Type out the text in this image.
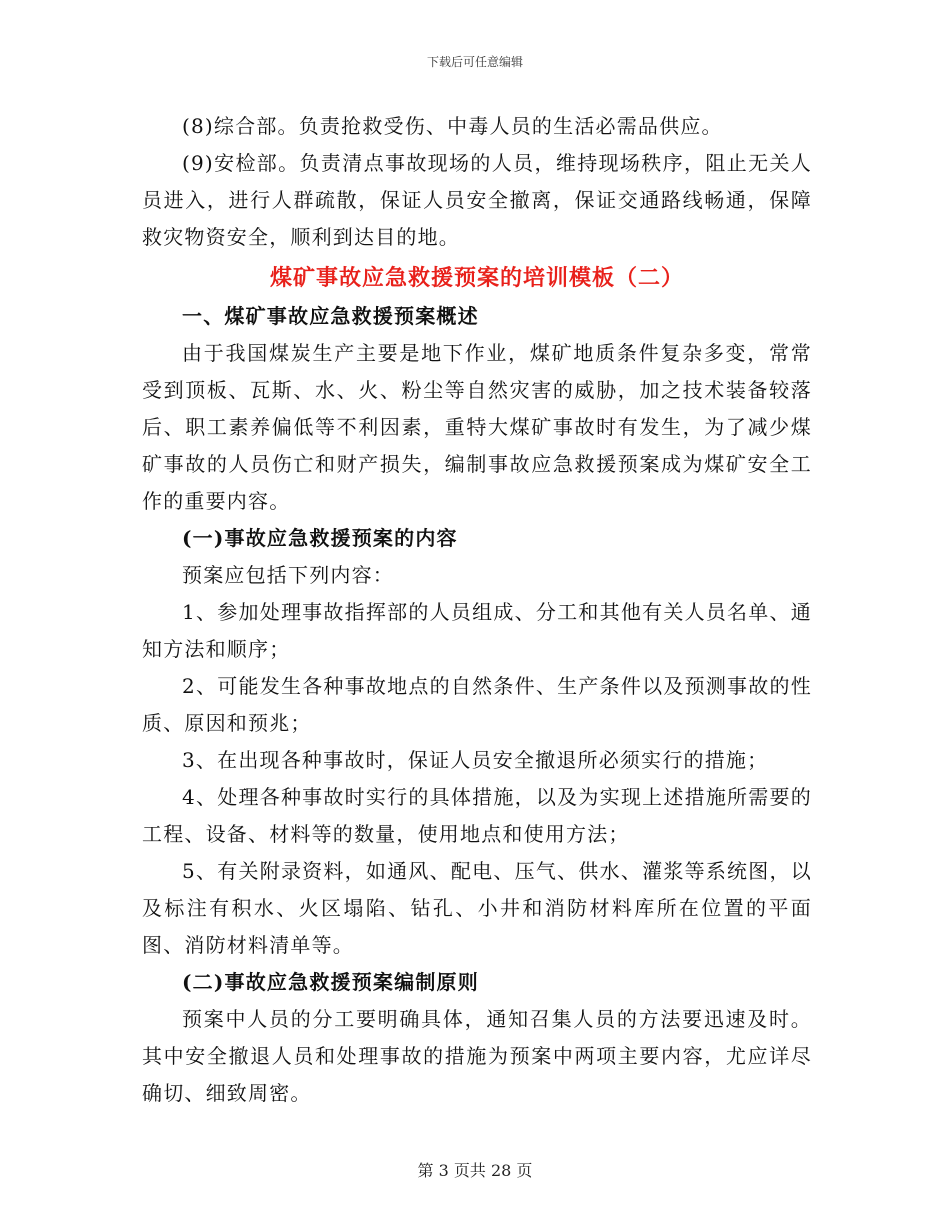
下载后可任意编辑

(8)综合部。负责抢救受伤、中毒人员的生活必需品供应。

(9)安检部。负责清点事故现场的人员，维持现场秩序，阻止无关人员进入，进行人群疏散，保证人员安全撤离，保证交通路线畅通，保障救灾物资安全，顺利到达目的地。

煤矿事故应急救援预案的培训模板（二）

一、煤矿事故应急救援预案概述

由于我国煤炭生产主要是地下作业，煤矿地质条件复杂多变，常常受到顶板、瓦斯、水、火、粉尘等自然灾害的威胁，加之技术装备较落后、职工素养偏低等不利因素，重特大煤矿事故时有发生，为了减少煤矿事故的人员伤亡和财产损失，编制事故应急救援预案成为煤矿安全工作的重要内容。

(一)事故应急救援预案的内容

预案应包括下列内容：

1、参加处理事故指挥部的人员组成、分工和其他有关人员名单、通知方法和顺序；

2、可能发生各种事故地点的自然条件、生产条件以及预测事故的性质、原因和预兆；

3、在出现各种事故时，保证人员安全撤退所必须实行的措施；

4、处理各种事故时实行的具体措施，以及为实现上述措施所需要的工程、设备、材料等的数量，使用地点和使用方法；

5、有关附录资料，如通风、配电、压气、供水、灌浆等系统图，以及标注有积水、火区塌陷、钻孔、小井和消防材料库所在位置的平面图、消防材料清单等。

(二)事故应急救援预案编制原则

预案中人员的分工要明确具体，通知召集人员的方法要迅速及时。其中安全撤退人员和处理事故的措施为预案中两项主要内容，尤应详尽确切、细致周密。

第 3 页共 28 页
